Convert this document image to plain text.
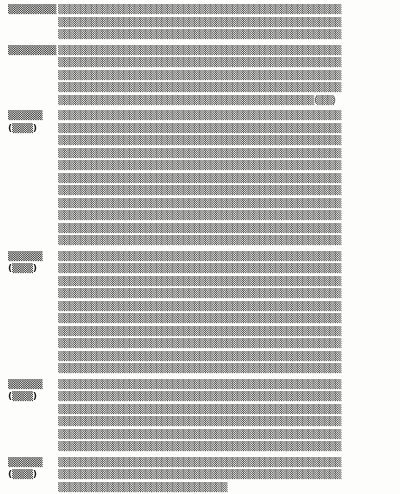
▒▒▒▒▒▒▒ ▒▒▒▒▒▒▒▒▒▒▒▒▒▒▒▒▒▒▒▒▒▒▒▒▒▒▒▒▒▒▒▒▒▒▒▒▒▒▒▒▒▒▒▒▒▒▒▒▒▒▒▒
▒▒▒▒▒▒▒▒▒▒▒▒▒▒▒▒▒▒▒▒▒▒▒▒▒▒▒▒▒▒▒▒▒▒▒▒▒▒▒▒▒▒▒▒▒▒▒▒▒▒▒▒
▒▒▒▒▒▒▒▒▒▒▒▒▒▒▒▒▒▒▒▒▒▒▒▒▒▒▒▒▒▒▒▒▒▒▒▒▒▒▒▒▒▒▒▒▒▒▒▒▒▒▒▒
▒▒▒▒▒▒▒ ▒▒▒▒▒▒▒▒▒▒▒▒▒▒▒▒▒▒▒▒▒▒▒▒▒▒▒▒▒▒▒▒▒▒▒▒▒▒▒▒▒▒▒▒▒▒▒▒▒▒▒▒
▒▒▒▒▒▒▒▒▒▒▒▒▒▒▒▒▒▒▒▒▒▒▒▒▒▒▒▒▒▒▒▒▒▒▒▒▒▒▒▒▒▒▒▒▒▒▒▒▒▒▒▒
▒▒▒▒▒▒▒▒▒▒▒▒▒▒▒▒▒▒▒▒▒▒▒▒▒▒▒▒▒▒▒▒▒▒▒▒▒▒▒▒▒▒▒▒▒▒▒▒▒▒▒▒
▒▒▒▒▒▒▒▒▒▒▒▒▒▒▒▒▒▒▒▒▒▒▒▒▒▒▒▒▒▒▒▒▒▒▒▒▒▒▒▒▒▒▒▒▒▒▒▒▒▒▒▒
▒▒▒▒▒▒▒▒▒▒▒▒▒▒▒▒▒▒▒▒▒▒▒▒▒▒▒▒▒▒▒▒▒▒▒▒▒▒▒▒▒▒▒▒▒▒▒ (▒▒▒)
▒▒▒▒▒
(▒▒▒)
▒▒▒▒▒▒▒▒▒▒▒▒▒▒▒▒▒▒▒▒▒▒▒▒▒▒▒▒▒▒▒▒▒▒▒▒▒▒▒▒▒▒▒▒▒▒▒▒▒▒▒▒
▒▒▒▒▒▒▒▒▒▒▒▒▒▒▒▒▒▒▒▒▒▒▒▒▒▒▒▒▒▒▒▒▒▒▒▒▒▒▒▒▒▒▒▒▒▒▒▒▒▒▒▒
▒▒▒▒▒▒▒▒▒▒▒▒▒▒▒▒▒▒▒▒▒▒▒▒▒▒▒▒▒▒▒▒▒▒▒▒▒▒▒▒▒▒▒▒▒▒▒▒▒▒▒▒
▒▒▒▒▒▒▒▒▒▒▒▒▒▒▒▒▒▒▒▒▒▒▒▒▒▒▒▒▒▒▒▒▒▒▒▒▒▒▒▒▒▒▒▒▒▒▒▒▒▒▒▒
▒▒▒▒▒▒▒▒▒▒▒▒▒▒▒▒▒▒▒▒▒▒▒▒▒▒▒▒▒▒▒▒▒▒▒▒▒▒▒▒▒▒▒▒▒▒▒▒▒▒▒▒
▒▒▒▒▒▒▒▒▒▒▒▒▒▒▒▒▒▒▒▒▒▒▒▒▒▒▒▒▒▒▒▒▒▒▒▒▒▒▒▒▒▒▒▒▒▒▒▒▒▒▒▒
▒▒▒▒▒▒▒▒▒▒▒▒▒▒▒▒▒▒▒▒▒▒▒▒▒▒▒▒▒▒▒▒▒▒▒▒▒▒▒▒▒▒▒▒▒▒▒▒▒▒▒▒
▒▒▒▒▒▒▒▒▒▒▒▒▒▒▒▒▒▒▒▒▒▒▒▒▒▒▒▒▒▒▒▒▒▒▒▒▒▒▒▒▒▒▒▒▒▒▒▒▒▒▒▒
▒▒▒▒▒▒▒▒▒▒▒▒▒▒▒▒▒▒▒▒▒▒▒▒▒▒▒▒▒▒▒▒▒▒▒▒▒▒▒▒▒▒▒▒▒▒▒▒▒▒▒▒
▒▒▒▒▒▒▒▒▒▒▒▒▒▒▒▒▒▒▒▒▒▒▒▒▒▒▒▒▒▒▒▒▒▒▒▒▒▒▒▒▒▒▒▒▒▒▒▒▒▒▒▒
▒▒▒▒▒▒▒▒▒▒▒▒▒▒▒▒▒▒▒▒▒▒▒▒▒▒▒▒▒▒▒▒▒▒▒▒▒▒▒▒▒▒▒▒▒▒▒▒▒▒▒▒
▒▒▒▒▒
(▒▒▒)
▒▒▒▒▒▒▒▒▒▒▒▒▒▒▒▒▒▒▒▒▒▒▒▒▒▒▒▒▒▒▒▒▒▒▒▒▒▒▒▒▒▒▒▒▒▒▒▒▒▒▒▒
▒▒▒▒▒▒▒▒▒▒▒▒▒▒▒▒▒▒▒▒▒▒▒▒▒▒▒▒▒▒▒▒▒▒▒▒▒▒▒▒▒▒▒▒▒▒▒▒▒▒▒▒
▒▒▒▒▒▒▒▒▒▒▒▒▒▒▒▒▒▒▒▒▒▒▒▒▒▒▒▒▒▒▒▒▒▒▒▒▒▒▒▒▒▒▒▒▒▒▒▒▒▒▒▒
▒▒▒▒▒▒▒▒▒▒▒▒▒▒▒▒▒▒▒▒▒▒▒▒▒▒▒▒▒▒▒▒▒▒▒▒▒▒▒▒▒▒▒▒▒▒▒▒▒▒▒▒
▒▒▒▒▒▒▒▒▒▒▒▒▒▒▒▒▒▒▒▒▒▒▒▒▒▒▒▒▒▒▒▒▒▒▒▒▒▒▒▒▒▒▒▒▒▒▒▒▒▒▒▒
▒▒▒▒▒▒▒▒▒▒▒▒▒▒▒▒▒▒▒▒▒▒▒▒▒▒▒▒▒▒▒▒▒▒▒▒▒▒▒▒▒▒▒▒▒▒▒▒▒▒▒▒
▒▒▒▒▒▒▒▒▒▒▒▒▒▒▒▒▒▒▒▒▒▒▒▒▒▒▒▒▒▒▒▒▒▒▒▒▒▒▒▒▒▒▒▒▒▒▒▒▒▒▒▒
▒▒▒▒▒▒▒▒▒▒▒▒▒▒▒▒▒▒▒▒▒▒▒▒▒▒▒▒▒▒▒▒▒▒▒▒▒▒▒▒▒▒▒▒▒▒▒▒▒▒▒▒
▒▒▒▒▒▒▒▒▒▒▒▒▒▒▒▒▒▒▒▒▒▒▒▒▒▒▒▒▒▒▒▒▒▒▒▒▒▒▒▒▒▒▒▒▒▒▒▒▒▒▒▒
▒▒▒▒▒▒▒▒▒▒▒▒▒▒▒▒▒▒▒▒▒▒▒▒▒▒▒▒▒▒▒▒▒▒▒▒▒▒▒▒▒▒▒▒▒▒▒▒▒▒▒▒
▒▒▒▒▒
(▒▒▒)
▒▒▒▒▒▒▒▒▒▒▒▒▒▒▒▒▒▒▒▒▒▒▒▒▒▒▒▒▒▒▒▒▒▒▒▒▒▒▒▒▒▒▒▒▒▒▒▒▒▒▒▒
▒▒▒▒▒▒▒▒▒▒▒▒▒▒▒▒▒▒▒▒▒▒▒▒▒▒▒▒▒▒▒▒▒▒▒▒▒▒▒▒▒▒▒▒▒▒▒▒▒▒▒▒
▒▒▒▒▒▒▒▒▒▒▒▒▒▒▒▒▒▒▒▒▒▒▒▒▒▒▒▒▒▒▒▒▒▒▒▒▒▒▒▒▒▒▒▒▒▒▒▒▒▒▒▒
▒▒▒▒▒▒▒▒▒▒▒▒▒▒▒▒▒▒▒▒▒▒▒▒▒▒▒▒▒▒▒▒▒▒▒▒▒▒▒▒▒▒▒▒▒▒▒▒▒▒▒▒
▒▒▒▒▒▒▒▒▒▒▒▒▒▒▒▒▒▒▒▒▒▒▒▒▒▒▒▒▒▒▒▒▒▒▒▒▒▒▒▒▒▒▒▒▒▒▒▒▒▒▒▒
▒▒▒▒▒▒▒▒▒▒▒▒▒▒▒▒▒▒▒▒▒▒▒▒▒▒▒▒▒▒▒▒▒▒▒▒▒▒▒▒▒▒▒▒▒▒▒▒▒▒▒▒
▒▒▒▒▒
(▒▒▒)
▒▒▒▒▒▒▒▒▒▒▒▒▒▒▒▒▒▒▒▒▒▒▒▒▒▒▒▒▒▒▒▒▒▒▒▒▒▒▒▒▒▒▒▒▒▒▒▒▒▒▒▒
▒▒▒▒▒▒▒▒▒▒▒▒▒▒▒▒▒▒▒▒▒▒▒▒▒▒▒▒▒▒▒▒▒▒▒▒▒▒▒▒▒▒▒▒▒▒▒▒▒▒▒▒
▒▒▒▒▒▒▒▒▒▒▒▒▒▒▒▒▒▒▒▒▒▒▒▒▒▒▒▒▒▒▒
